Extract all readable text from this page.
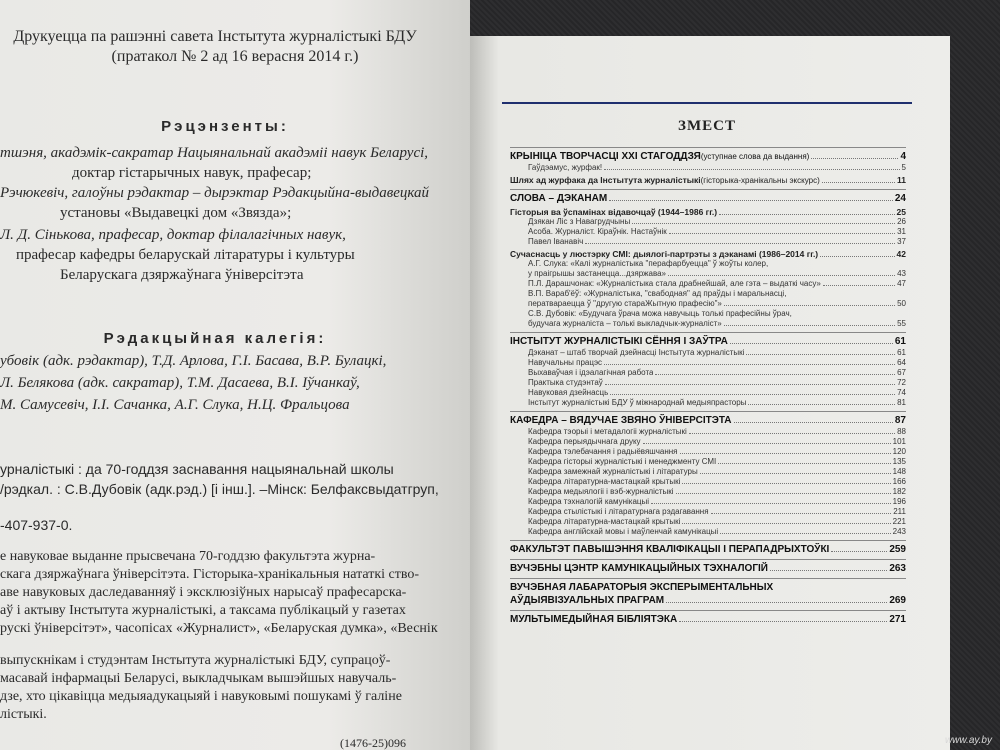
Друкуецца па рашэнні савета Інстытута журналістыкі БДУ
(пратакол № 2 ад 16 верасня 2014 г.)
Рэцэнзенты:
тшэня, акадэмік-сакратар Нацыянальнай акадэміі навук Беларусі,
доктар гістарычных навук, прафесар;
Рэчюкевіч, галоўны рэдактар – дырэктар Рэдакцыйна-выдавецкай
установы «Выдавецкі дом «Звязда»;
Л. Д. Сінькова, прафесар, доктар філалагічных навук,
прафесар кафедры беларускай літаратуры і культуры
Беларускага дзяржаўнага ўніверсітэта
Рэдакцыйная калегія:
убовік (адк. рэдактар), Т.Д. Арлова, Г.І. Басава, В.Р. Булацкі,
Л. Белякова (адк. сакратар), Т.М. Дасаева, В.І. Іўчанкаў,
М. Самусевіч, І.І. Сачанка, А.Г. Слука, Н.Ц. Фральцова
урналістыкі : да 70-годдзя заснавання нацыянальнай школы
/рэдкал. : С.В.Дубовік (адк.рэд.) [і інш.]. –Мінск: Белфаксвыдатгруп,
-407-937-0.
е навуковае выданне прысвечана 70-годдзю факультэта журна-
скага дзяржаўнага ўніверсітэта. Гісторыка-хранікальныя нататкі ство-
аве навуковых даследаванняў і эксклюзіўных нарысаў прафесарска-
аў і актыву Інстытута журналістыкі, а таксама публікацый у газетах
рускі ўніверсітэт», часопісах «Журналист», «Беларуская думка», «Веснік
выпускнікам і студэнтам Інстытута журналістыкі БДУ, супрацоў-
масавай інфармацыі Беларусі, выкладчыкам вышэйшых навучаль-
дзе, хто цікавіцца медыяадукацыяй і навуковымі пошукамі ў галіне
лістыкі.
(1476-25)096
ЗМЕСТ
КРЫНІЦА ТВОРЧАСЦІ XXI СТАГОДДЗЯ (уступнае слова да выдання)	4
Гаўдэамус, журфак!	5
Шлях ад журфака да Інстытута журналістыкі (гісторыка-хранікальны экскурс)	11
СЛОВА – ДЭКАНАМ	24
Гісторыя ва ўспамінах відавочцаў (1944–1986 гг.)	25
Дзякан Ліс з Навагрудчыны	26
Асоба. Журналіст. Кіраўнік. Настаўнік	31
Павел Іванавіч	37
Сучаснасць у люстэрку СМІ: дыялогі-партрэты з дэканамі (1986–2014 гг.)	42
А.Г. Слука: «Калі журналістыка "перафарбуецца" ў жоўты колер,
у праігрышы застанецца...дзяржава»	43
П.Л. Дарашчонак: «Журналістыка стала драбнейшай, але гэта – выдаткі часу»	47
В.П. Вараб'ёў: «Журналістыка, "свабодная" ад праўды і маральнасці,
ператвараецца ў "другую стараЖытную прафесію"»	50
С.В. Дубовік: «Будучага ўрача можа навучыць толькі прафесійны ўрач,
будучага журналіста – толькі выкладчык-журналіст»	55
ІНСТЫТУТ ЖУРНАЛІСТЫКІ СЁННЯ І ЗАЎТРА	61
Дэканат – штаб творчай дзейнасці Інстытута журналістыкі	61
Навучальны працэс	64
Выхаваўчая і ідэалагічная работа	67
Практыка студэнтаў	72
Навуковая дзейнасць	74
Інстытут журналістыкі БДУ ў міжнароднай медыяпрасторы	81
КАФЕДРА – ВЯДУЧАЕ ЗВЯНО ЎНІВЕРСІТЭТА	87
Кафедра тэорыі і метадалогіі журналістыкі	88
Кафедра перыядычнага друку	101
Кафедра тэлебачання і радыёвяшчання	120
Кафедра гісторыі журналістыкі і менеджменту СМІ	135
Кафедра замежнай журналістыкі і літаратуры	148
Кафедра літаратурна-мастацкай крытыкі	166
Кафедра медыялогіі і вэб-журналістыкі	182
Кафедра тэхналогій камунікацыі	196
Кафедра стылістыкі і літаратурнага рэдагавання	211
Кафедра літаратурна-мастацкай крытыкі	221
Кафедра англійскай мовы і маўленчай камунікацыі	243
ФАКУЛЬТЭТ ПАВЫШЭННЯ КВАЛІФІКАЦЫІ І ПЕРАПАДРЫХТОЎКІ	259
ВУЧЭБНЫ ЦЭНТР КАМУНІКАЦЫЙНЫХ ТЭХНАЛОГІЙ	263
ВУЧЭБНАЯ ЛАБАРАТОРЫЯ ЭКСПЕРЫМЕНТАЛЬНЫХ
АЎДЫЯВІЗУАЛЬНЫХ ПРАГРАМ	269
МУЛЬТЫМЕДЫЙНАЯ БІБЛІЯТЭКА	271
www.ay.by
